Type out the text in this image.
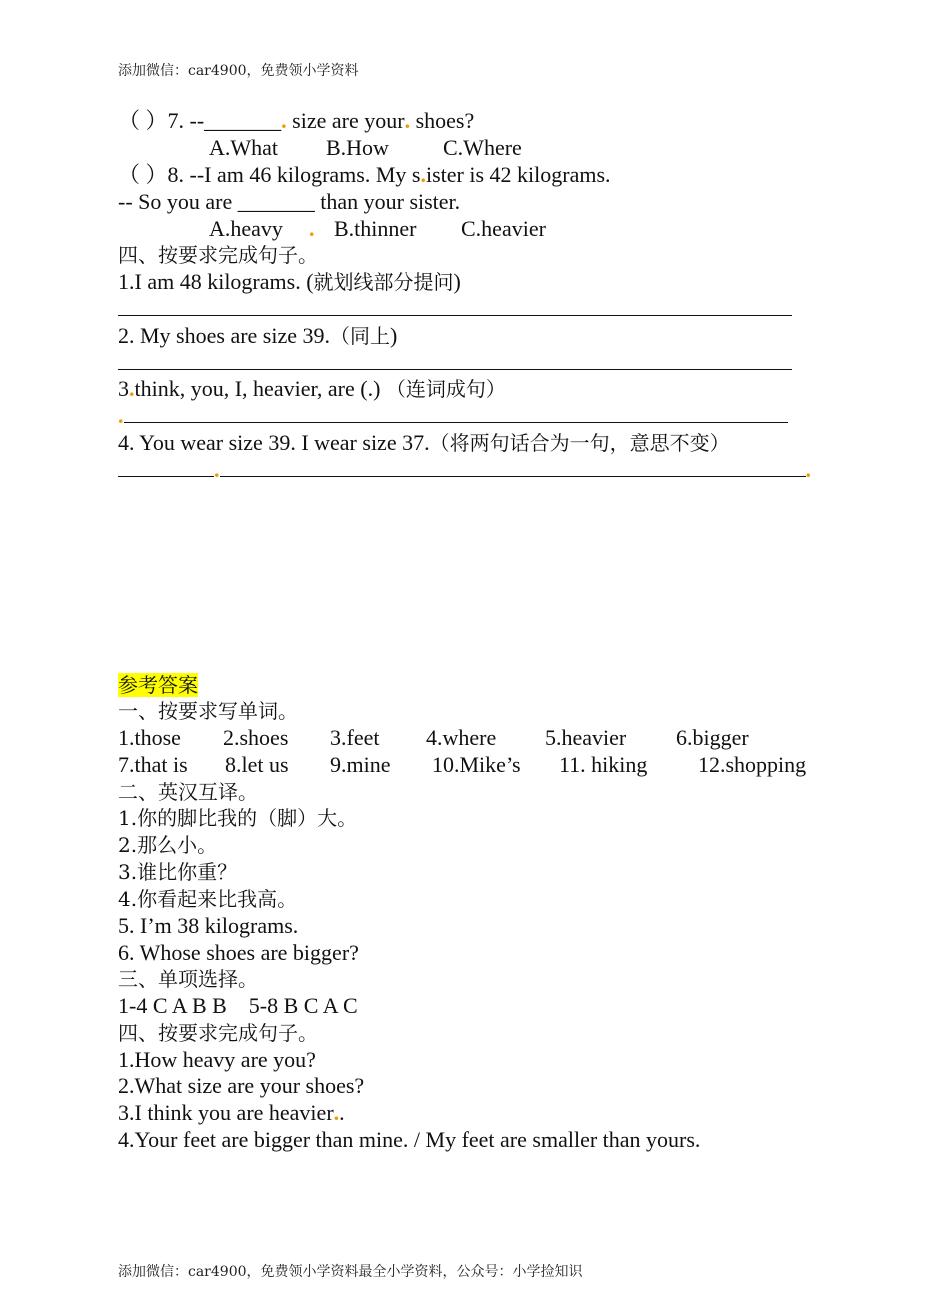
添加微信：car4900，免费领小学资料
（ ）7. --_______. size are your. shoes?
A.What B.How C.Where
（ ）8. --I am 46 kilograms. My s.ister is 42 kilograms.
-- So you are _______ than your sister.
A.heavy . B.thinner C.heavier
四、按要求完成句子。
1.I am 48 kilograms. (就划线部分提问)
2. My shoes are size 39.（同上)
3.think, you, I, heavier, are (.) （连词成句）
.
4. You wear size 39. I wear size 37.（将两句话合为一句，意思不变）
.	.
参考答案
一、按要求写单词。
1.those 2.shoes 3.feet 4.where 5.heavier 6.bigger
7.that is 8.let us 9.mine 10.Mike’s 11. hiking 12.shopping
二、英汉互译。
1.你的脚比我的（脚）大。
2.那么小。
3.谁比你重？
4.你看起来比我高。
5. I’m 38 kilograms.
6. Whose shoes are bigger?
三、单项选择。
1-4 C A B B    5-8 B C A C
四、按要求完成句子。
1.How heavy are you?
2.What size are your shoes?
3.I think you are heavier..
4.Your feet are bigger than mine. / My feet are smaller than yours.
添加微信：car4900，免费领小学资料最全小学资料，公众号：小学捡知识
